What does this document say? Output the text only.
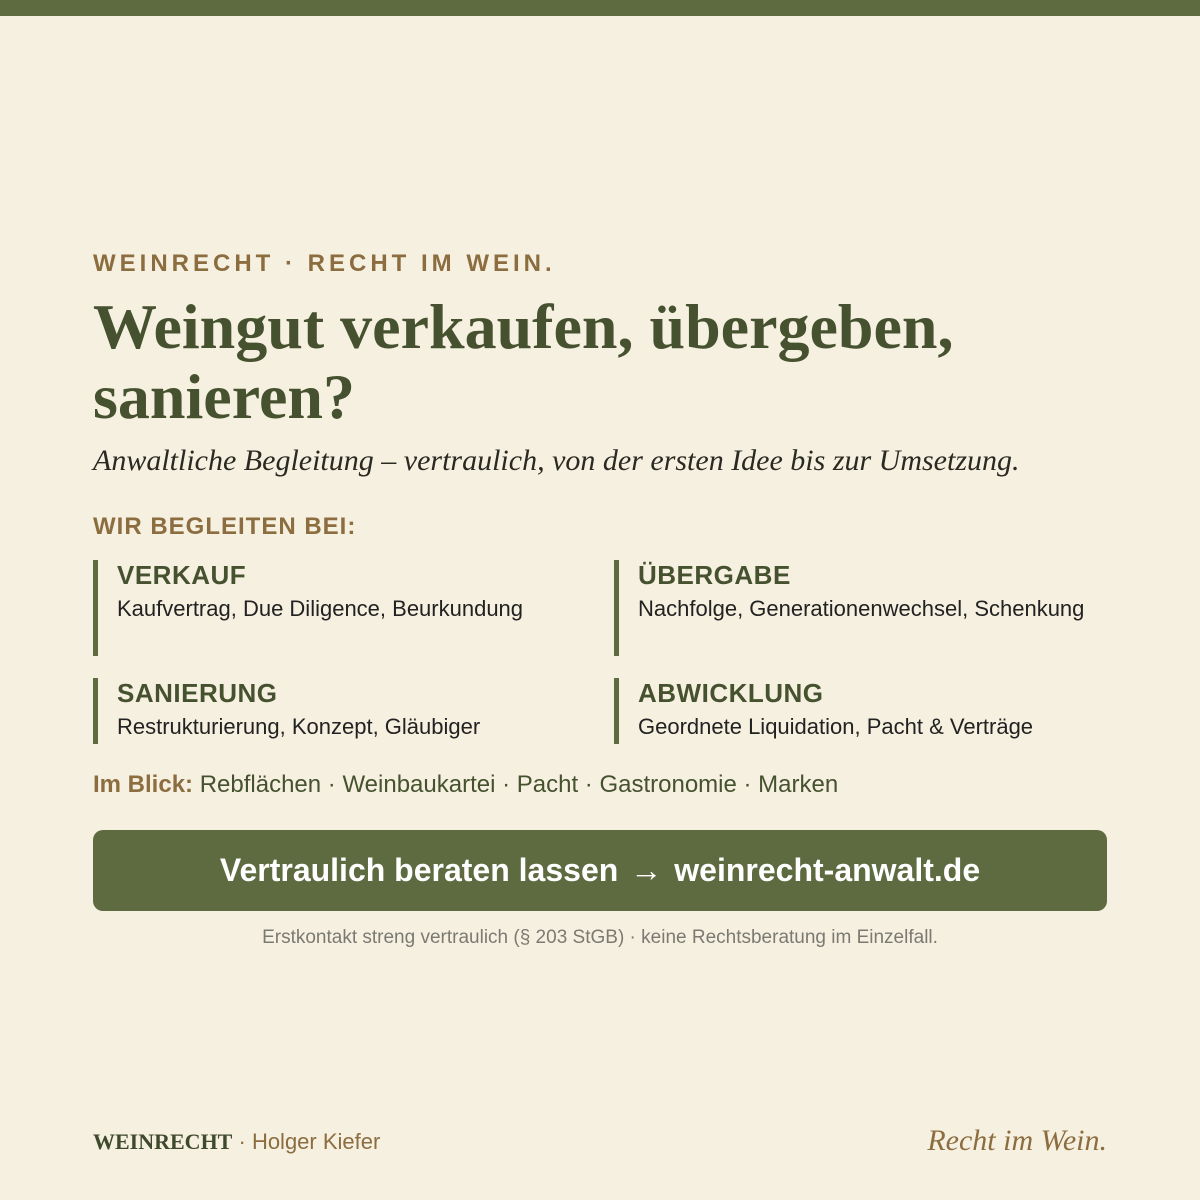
WEINRECHT · RECHT IM WEIN.
Weingut verkaufen, übergeben, sanieren?
Anwaltliche Begleitung – vertraulich, von der ersten Idee bis zur Umsetzung.
WIR BEGLEITEN BEI:
VERKAUF
Kaufvertrag, Due Diligence, Beurkundung
ÜBERGABE
Nachfolge, Generationenwechsel, Schenkung
SANIERUNG
Restrukturierung, Konzept, Gläubiger
ABWICKLUNG
Geordnete Liquidation, Pacht & Verträge
Im Blick: Rebflächen · Weinbaukartei · Pacht · Gastronomie · Marken
Vertraulich beraten lassen → weinrecht-anwalt.de
Erstkontakt streng vertraulich (§ 203 StGB) · keine Rechtsberatung im Einzelfall.
WEINRECHT · Holger Kiefer	Recht im Wein.
